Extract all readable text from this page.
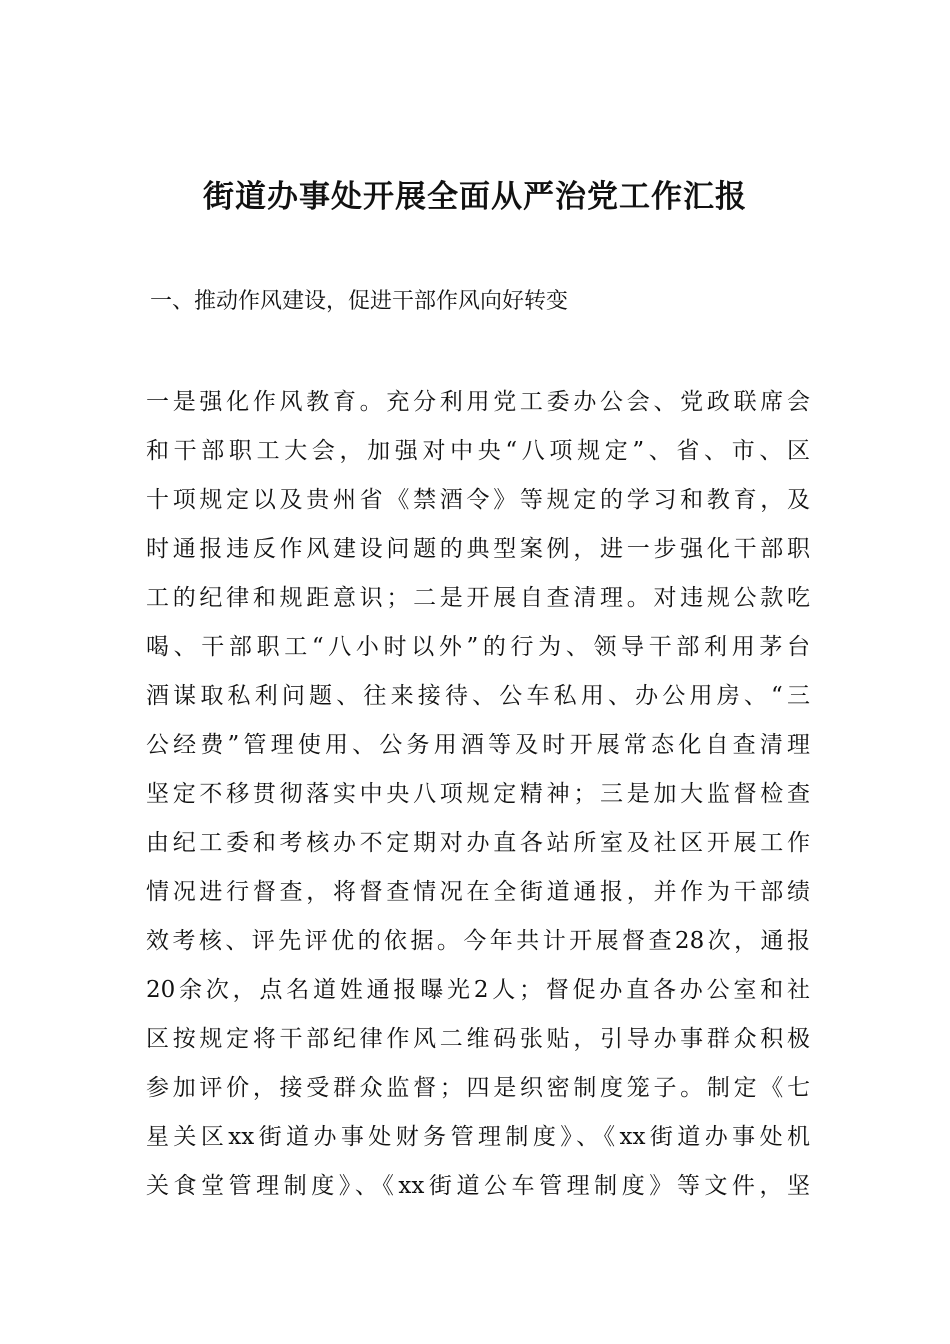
街道办事处开展全面从严治党工作汇报

一、推动作风建设，促进干部作风向好转变

一是强化作风教育。充分利用党工委办公会、党政联席会
和干部职工大会，加强对中央“八项规定”、省、市、区
十项规定以及贵州省《禁酒令》等规定的学习和教育，及
时通报违反作风建设问题的典型案例，进一步强化干部职
工的纪律和规距意识；二是开展自查清理。对违规公款吃
喝、干部职工“八小时以外”的行为、领导干部利用茅台
酒谋取私利问题、往来接待、公车私用、办公用房、“三
公经费”管理使用、公务用酒等及时开展常态化自查清理
坚定不移贯彻落实中央八项规定精神；三是加大监督检查
由纪工委和考核办不定期对办直各站所室及社区开展工作
情况进行督查，将督查情况在全街道通报，并作为干部绩
效考核、评先评优的依据。今年共计开展督查28次，通报
20余次，点名道姓通报曝光2人；督促办直各办公室和社
区按规定将干部纪律作风二维码张贴，引导办事群众积极
参加评价，接受群众监督；四是织密制度笼子。制定《七
星关区xx街道办事处财务管理制度》、《xx街道办事处机
关食堂管理制度》、《xx街道公车管理制度》等文件，坚
